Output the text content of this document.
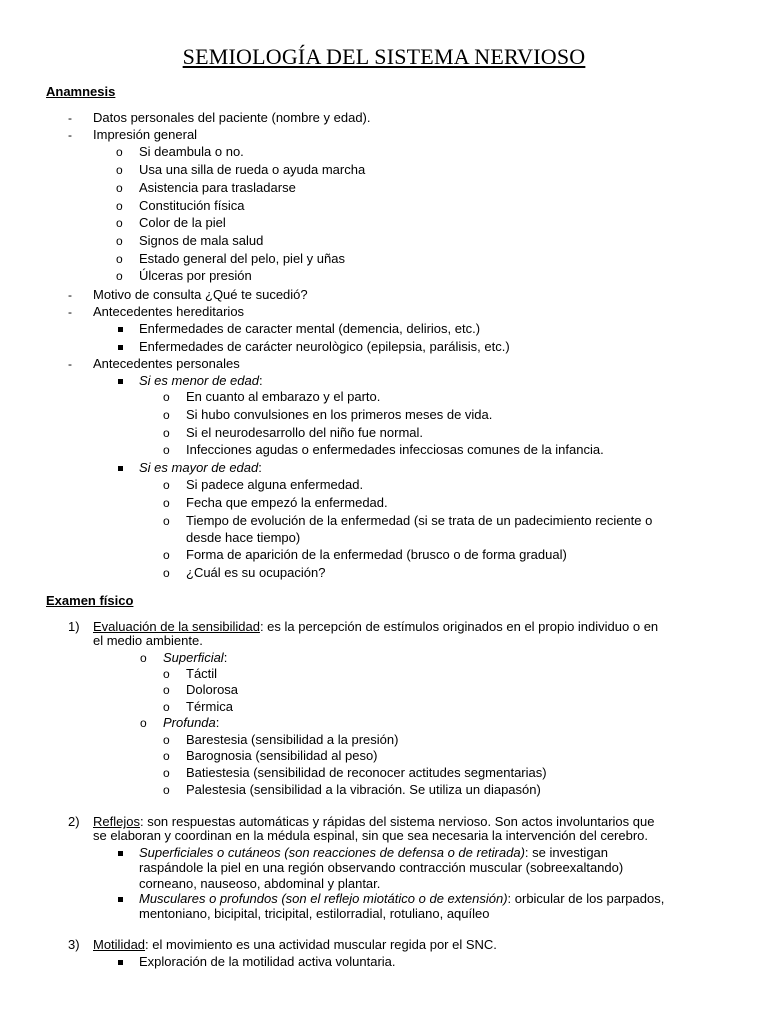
SEMIOLOGÍA DEL SISTEMA NERVIOSO
Anamnesis
- Datos personales del paciente (nombre y edad).
- Impresión general
o Si deambula o no.
o Usa una silla de rueda o ayuda marcha
o Asistencia para trasladarse
o Constitución física
o Color de la piel
o Signos de mala salud
o Estado general del pelo, piel y uñas
o Úlceras por presión
- Motivo de consulta ¿Qué te sucedió?
- Antecedentes hereditarios
Enfermedades de caracter mental (demencia, delirios, etc.)
Enfermedades de carácter neurològico (epilepsia, parálisis, etc.)
- Antecedentes personales
Si es menor de edad:
o En cuanto al embarazo y el parto.
o Si hubo convulsiones en los primeros meses de vida.
o Si el neurodesarrollo del niño fue normal.
o Infecciones agudas o enfermedades infecciosas comunes de la infancia.
Si es mayor de edad:
o Si padece alguna enfermedad.
o Fecha que empezó la enfermedad.
o Tiempo de evolución de la enfermedad (si se trata de un padecimiento reciente o
desde hace tiempo)
o Forma de aparición de la enfermedad (brusco o de forma gradual)
o ¿Cuál es su ocupación?
Examen físico
1) Evaluación de la sensibilidad: es la percepción de estímulos originados en el propio individuo o en
el medio ambiente.
o Superficial:
o Táctil
o Dolorosa
o Térmica
o Profunda:
o Barestesia (sensibilidad a la presión)
o Barognosia (sensibilidad al peso)
o Batiestesia (sensibilidad de reconocer actitudes segmentarias)
o Palestesia (sensibilidad a la vibración. Se utiliza un diapasón)
2) Reflejos: son respuestas automáticas y rápidas del sistema nervioso. Son actos involuntarios que
se elaboran y coordinan en la médula espinal, sin que sea necesaria la intervención del cerebro.
Superficiales o cutáneos (son reacciones de defensa o de retirada): se investigan
raspándole la piel en una región observando contracción muscular (sobreexaltando)
corneano, nauseoso, abdominal y plantar.
Musculares o profundos (son el reflejo miotático o de extensión): orbicular de los parpados,
mentoniano, bicipital, tricipital, estilorradial, rotuliano, aquíleo
3) Motilidad: el movimiento es una actividad muscular regida por el SNC.
Exploración de la motilidad activa voluntaria.
